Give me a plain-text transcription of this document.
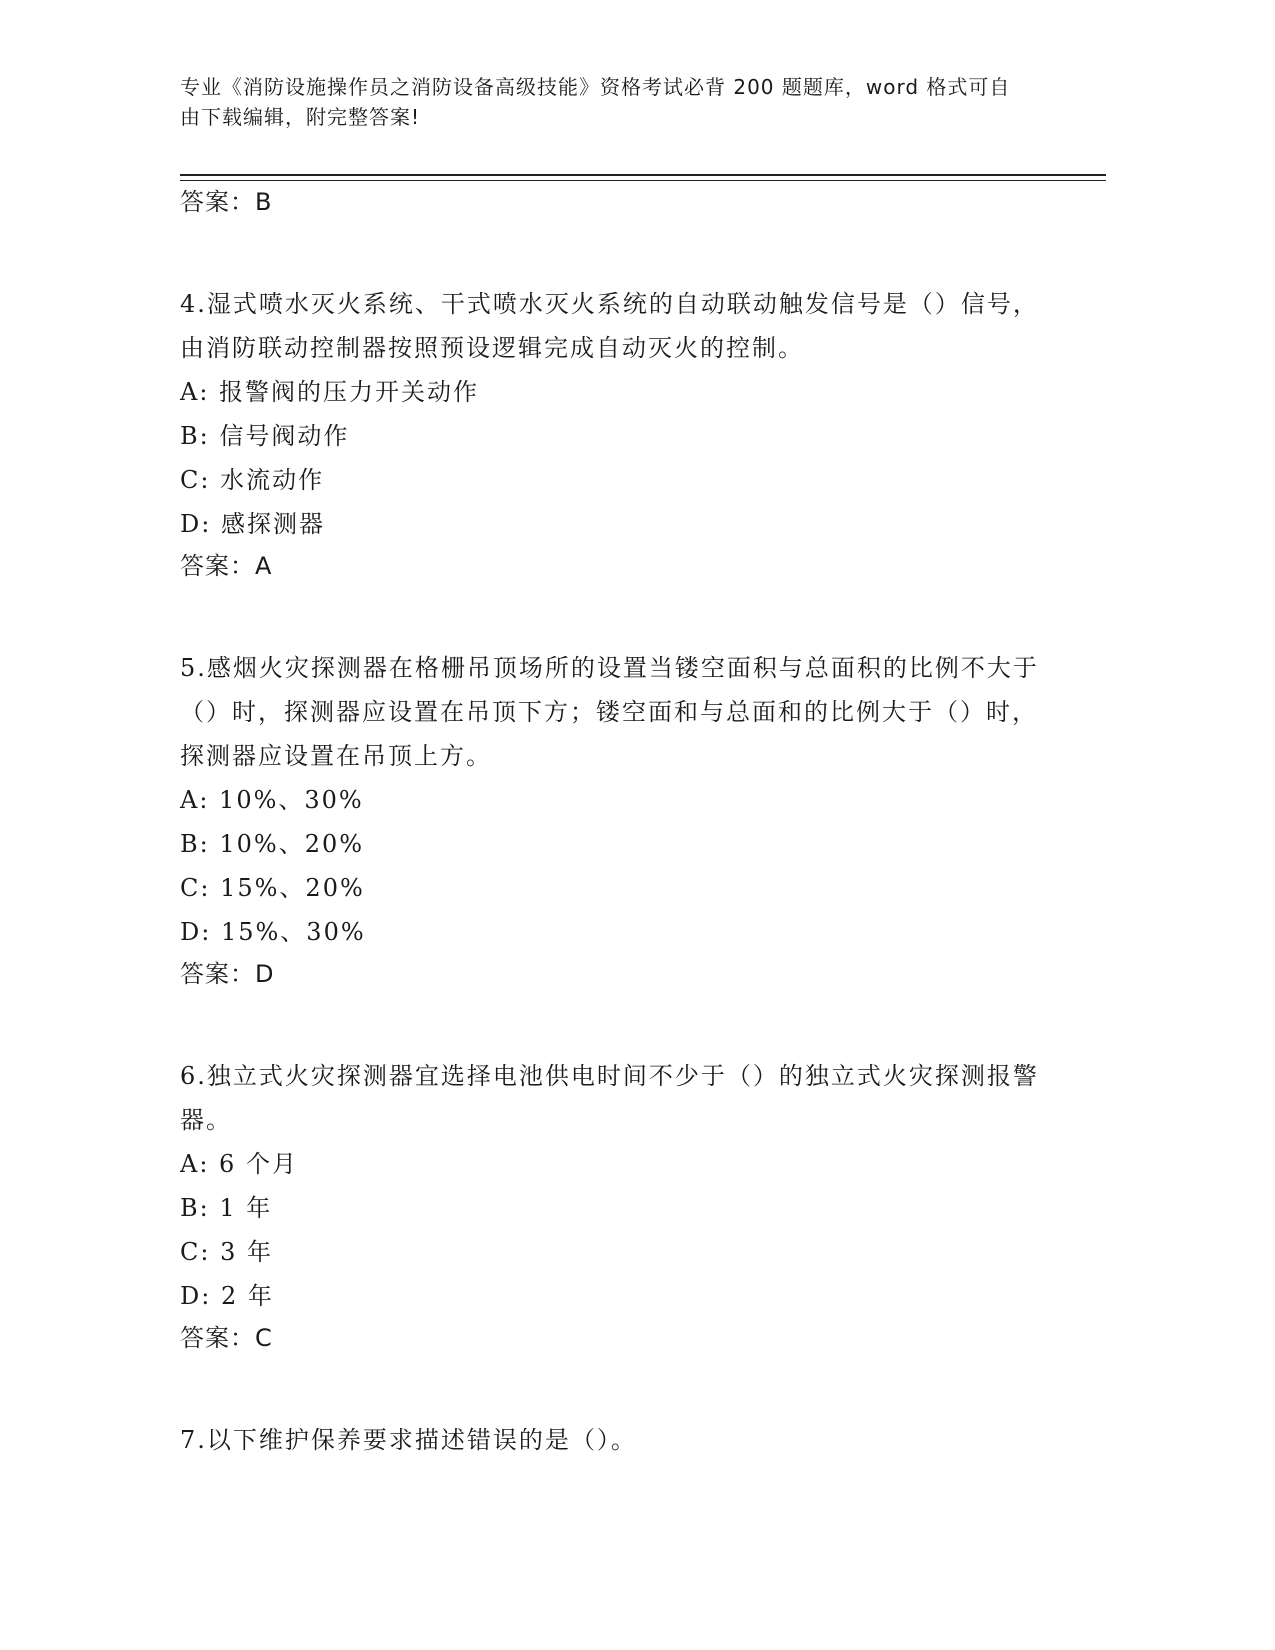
专业《消防设施操作员之消防设备高级技能》资格考试必背 200 题题库，word 格式可自由下载编辑，附完整答案!

答案：B

4.湿式喷水灭火系统、干式喷水灭火系统的自动联动触发信号是（）信号，由消防联动控制器按照预设逻辑完成自动灭火的控制。

A: 报警阀的压力开关动作

B: 信号阀动作

C: 水流动作

D: 感探测器

答案：A

5.感烟火灾探测器在格栅吊顶场所的设置当镂空面积与总面积的比例不大于（）时，探测器应设置在吊顶下方；镂空面和与总面和的比例大于（）时，探测器应设置在吊顶上方。

A: 10%、30%

B: 10%、20%

C: 15%、20%

D: 15%、30%

答案：D

6.独立式火灾探测器宜选择电池供电时间不少于（）的独立式火灾探测报警器。

A: 6 个月

B: 1 年

C: 3 年

D: 2 年

答案：C

7.以下维护保养要求描述错误的是（）。
